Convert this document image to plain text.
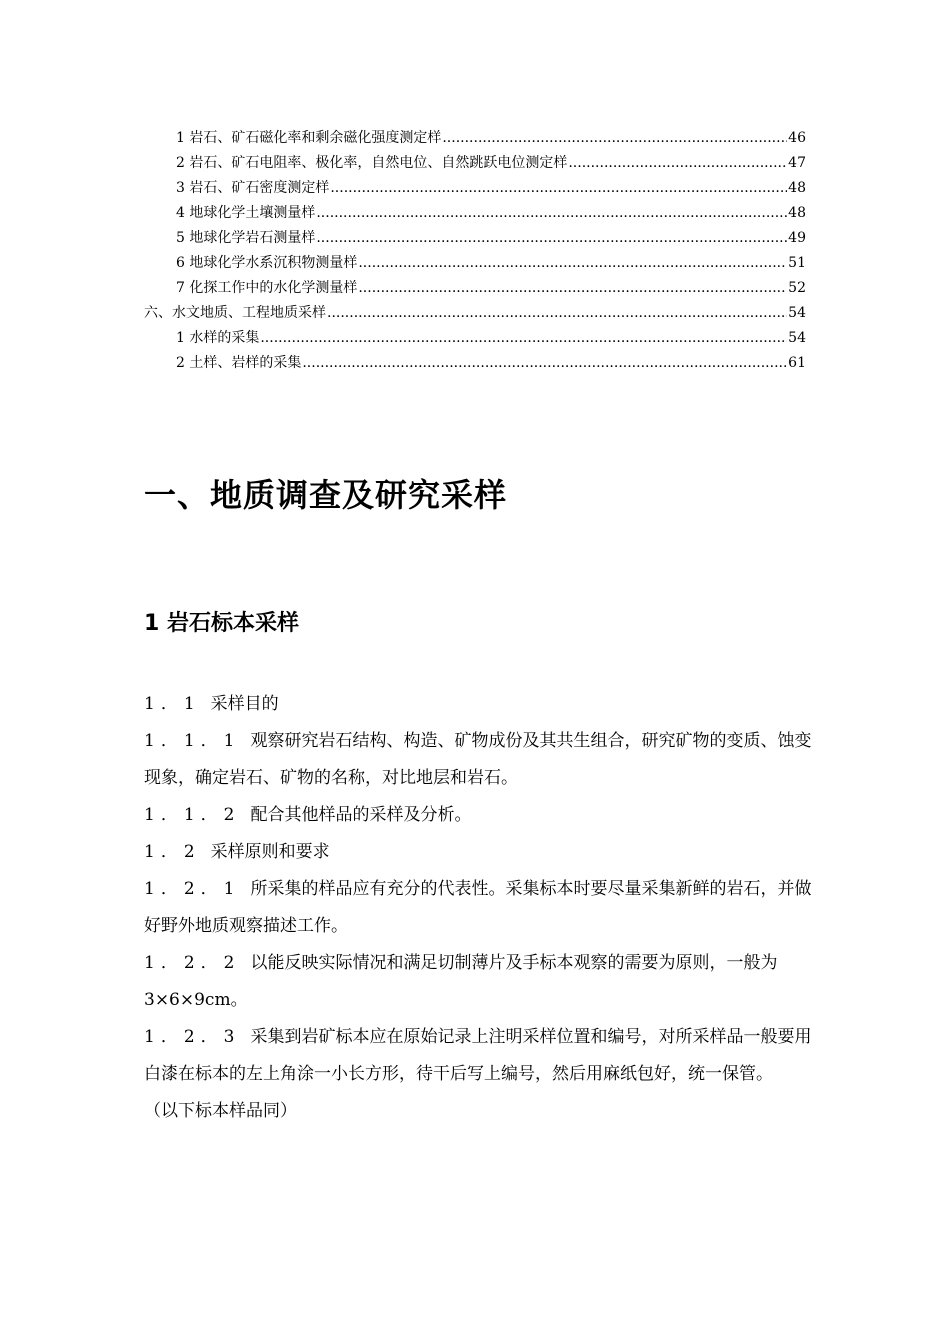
1 岩石、矿石磁化率和剩余磁化强度测定样 .....	46
2 岩石、矿石电阻率、极化率，自然电位、自然跳跃电位测定样 .....	47
3 岩石、矿石密度测定样 .....	48
4 地球化学土壤测量样 .....	48
5 地球化学岩石测量样 .....	49
6 地球化学水系沉积物测量样 .....	51
7 化探工作中的水化学测量样 .....	52
六、水文地质、工程地质采样 .....	54
1 水样的采集 .....	54
2 土样、岩样的采集 .....	61
一、地质调查及研究采样
1 岩石标本采样

1．1 采样目的

1．1．1 观察研究岩石结构、构造、矿物成份及其共生组合，研究矿物的变质、蚀变现象，确定岩石、矿物的名称，对比地层和岩石。

1．1．2 配合其他样品的采样及分析。

1．2 采样原则和要求

1．2．1 所采集的样品应有充分的代表性。采集标本时要尽量采集新鲜的岩石，并做好野外地质观察描述工作。

1．2．2 以能反映实际情况和满足切制薄片及手标本观察的需要为原则，一般为3×6×9cm。

1．2．3 采集到岩矿标本应在原始记录上注明采样位置和编号，对所采样品一般要用白漆在标本的左上角涂一小长方形，待干后写上编号，然后用麻纸包好，统一保管。

（以下标本样品同）
